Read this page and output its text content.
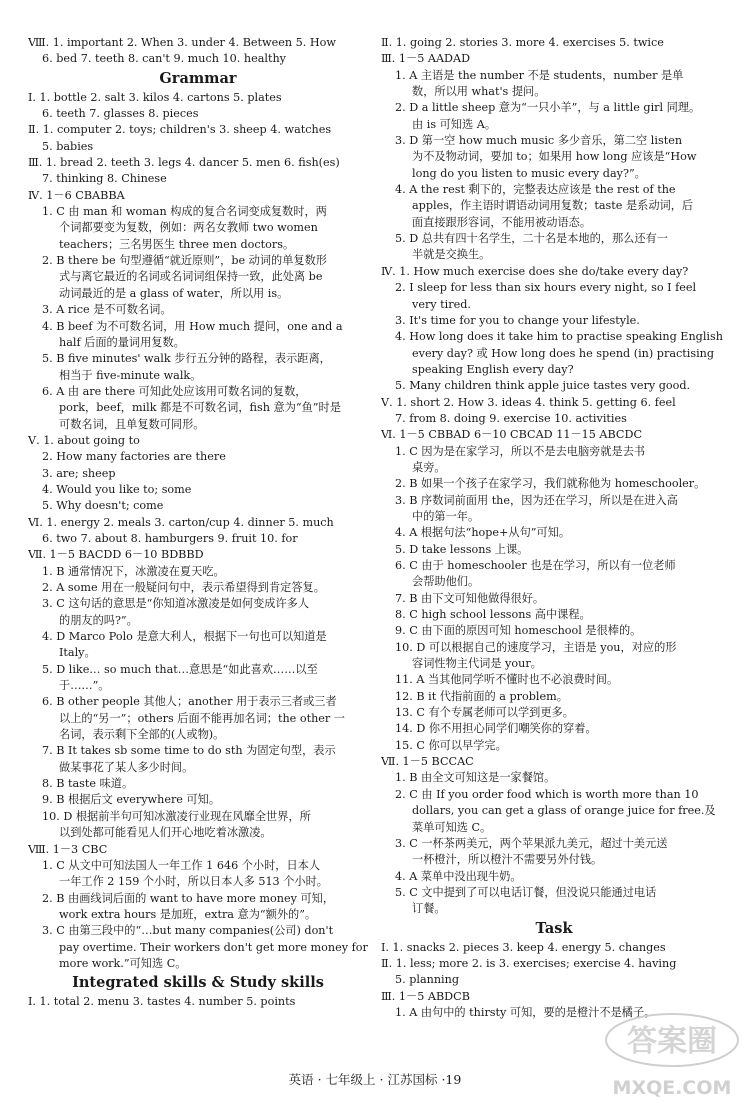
Ⅷ. 1. important 2. When 3. under 4. Between 5. How
6. bed 7. teeth 8. can't 9. much 10. healthy
Grammar
Ⅰ. 1. bottle 2. salt 3. kilos 4. cartons 5. plates
6. teeth 7. glasses 8. pieces
Ⅱ. 1. computer 2. toys; children's 3. sheep 4. watches
5. babies
Ⅲ. 1. bread 2. teeth 3. legs 4. dancer 5. men 6. fish(es)
7. thinking 8. Chinese
Ⅳ. 1－6 CBABBA
1. C 由 man 和 woman 构成的复合名词变成复数时，两
个词都要变为复数，例如：两名女教师 two women
teachers；三名男医生 three men doctors。
2. B there be 句型遵循“就近原则”，be 动词的单复数形
式与离它最近的名词或名词词组保持一致，此处离 be
动词最近的是 a glass of water，所以用 is。
3. A rice 是不可数名词。
4. B beef 为不可数名词，用 How much 提问，one and a
half 后面的量词用复数。
5. B five minutes' walk 步行五分钟的路程，表示距离，
相当于 five-minute walk。
6. A 由 are there 可知此处应该用可数名词的复数，
pork，beef，milk 都是不可数名词，fish 意为“鱼”时是
可数名词，且单复数可同形。
Ⅴ. 1. about going to
2. How many factories are there
3. are; sheep
4. Would you like to; some
5. Why doesn't; come
Ⅵ. 1. energy 2. meals 3. carton/cup 4. dinner 5. much
6. two 7. about 8. hamburgers 9. fruit 10. for
Ⅶ. 1－5 BACDD 6－10 BDBBD
1. B 通常情况下，冰激凌在夏天吃。
2. A some 用在一般疑问句中，表示希望得到肯定答复。
3. C 这句话的意思是“你知道冰激凌是如何变成许多人
的朋友的吗?”。
4. D Marco Polo 是意大利人，根据下一句也可以知道是
Italy。
5. D like… so much that…意思是“如此喜欢……以至
于……”。
6. B other people 其他人；another 用于表示三者或三者
以上的“另一”；others 后面不能再加名词；the other 一
名词，表示剩下全部的(人或物)。
7. B It takes sb some time to do sth 为固定句型，表示
做某事花了某人多少时间。
8. B taste 味道。
9. B 根据后文 everywhere 可知。
10. D 根据前半句可知冰激凌行业现在风靡全世界，所
以到处都可能看见人们开心地吃着冰激凌。
Ⅷ. 1－3 CBC
1. C 从文中可知法国人一年工作 1 646 个小时，日本人
一年工作 2 159 个小时，所以日本人多 513 个小时。
2. B 由画线词后面的 want to have more money 可知，
work extra hours 是加班，extra 意为“额外的”。
3. C 由第三段中的“…but many companies(公司) don't
pay overtime. Their workers don't get more money for
more work.”可知选 C。
Integrated skills & Study skills
Ⅰ. 1. total 2. menu 3. tastes 4. number 5. points
Ⅱ. 1. going 2. stories 3. more 4. exercises 5. twice
Ⅲ. 1－5 AADAD
1. A 主语是 the number 不是 students，number 是单
数，所以用 what's 提问。
2. D a little sheep 意为“一只小羊”，与 a little girl 同理。
由 is 可知选 A。
3. D 第一空 how much music 多少音乐，第二空 listen
为不及物动词，要加 to；如果用 how long 应该是“How
long do you listen to music every day?”。
4. A the rest 剩下的，完整表达应该是 the rest of the
apples，作主语时谓语动词用复数；taste 是系动词，后
面直接跟形容词，不能用被动语态。
5. D 总共有四十名学生，二十名是本地的，那么还有一
半就是交换生。
Ⅳ. 1. How much exercise does she do/take every day?
2. I sleep for less than six hours every night, so I feel
very tired.
3. It's time for you to change your lifestyle.
4. How long does it take him to practise speaking English
every day? 或 How long does he spend (in) practising
speaking English every day?
5. Many children think apple juice tastes very good.
Ⅴ. 1. short 2. How 3. ideas 4. think 5. getting 6. feel
7. from 8. doing 9. exercise 10. activities
Ⅵ. 1－5 CBBAD 6－10 CBCAD 11－15 ABCDC
1. C 因为是在家学习，所以不是去电脑旁就是去书
桌旁。
2. B 如果一个孩子在家学习，我们就称他为 homeschooler。
3. B 序数词前面用 the，因为还在学习，所以是在进入高
中的第一年。
4. A 根据句法“hope+从句”可知。
5. D take lessons 上课。
6. C 由于 homeschooler 也是在学习，所以有一位老师
会帮助他们。
7. B 由下文可知他做得很好。
8. C high school lessons 高中课程。
9. C 由下面的原因可知 homeschool 是很棒的。
10. D 可以根据自己的速度学习，主语是 you，对应的形
容词性物主代词是 your。
11. A 当其他同学听不懂时也不必浪费时间。
12. B it 代指前面的 a problem。
13. C 有个专属老师可以学到更多。
14. D 你不用担心同学们嘲笑你的穿着。
15. C 你可以早学完。
Ⅶ. 1－5 BCCAC
1. B 由全文可知这是一家餐馆。
2. C 由 If you order food which is worth more than 10
dollars, you can get a glass of orange juice for free.及
菜单可知选 C。
3. C 一杯茶两美元，两个苹果派九美元，超过十美元送
一杯橙汁，所以橙汁不需要另外付钱。
4. A 菜单中没出现牛奶。
5. C 文中提到了可以电话订餐，但没说只能通过电话
订餐。
Task
Ⅰ. 1. snacks 2. pieces 3. keep 4. energy 5. changes
Ⅱ. 1. less; more 2. is 3. exercises; exercise 4. having
5. planning
Ⅲ. 1－5 ABDCB
1. A 由句中的 thirsty 可知，要的是橙汁不是橘子。
英语 · 七年级上 · 江苏国标 ·19
答案圈
MXQE.COM
